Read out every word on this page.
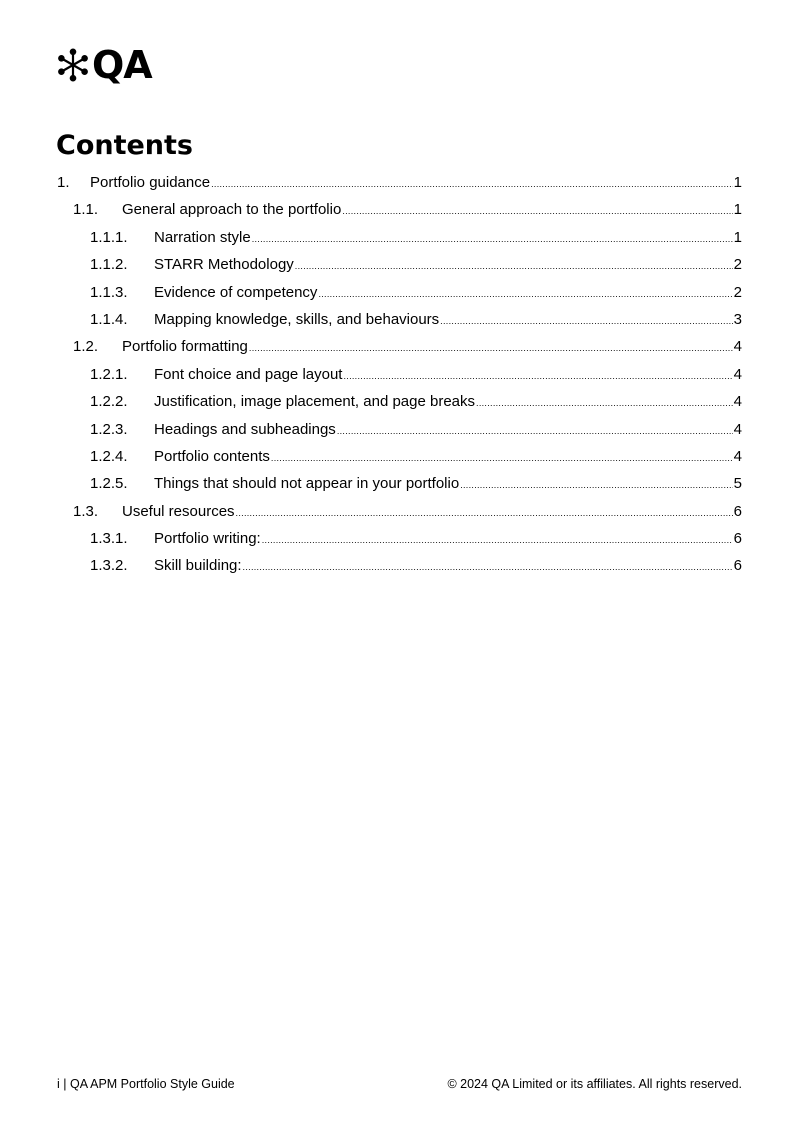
QA
Contents
1.	Portfolio guidance .....	1
1.1.	General approach to the portfolio .....	1
1.1.1.	Narration style .....	1
1.1.2.	STARR Methodology .....	2
1.1.3.	Evidence of competency .....	2
1.1.4.	Mapping knowledge, skills, and behaviours .....	3
1.2.	Portfolio formatting .....	4
1.2.1.	Font choice and page layout .....	4
1.2.2.	Justification, image placement, and page breaks .....	4
1.2.3.	Headings and subheadings .....	4
1.2.4.	Portfolio contents .....	4
1.2.5.	Things that should not appear in your portfolio .....	5
1.3.	Useful resources .....	6
1.3.1.	Portfolio writing: .....	6
1.3.2.	Skill building: .....	6
i | QA APM Portfolio Style Guide	© 2024 QA Limited or its affiliates. All rights reserved.
